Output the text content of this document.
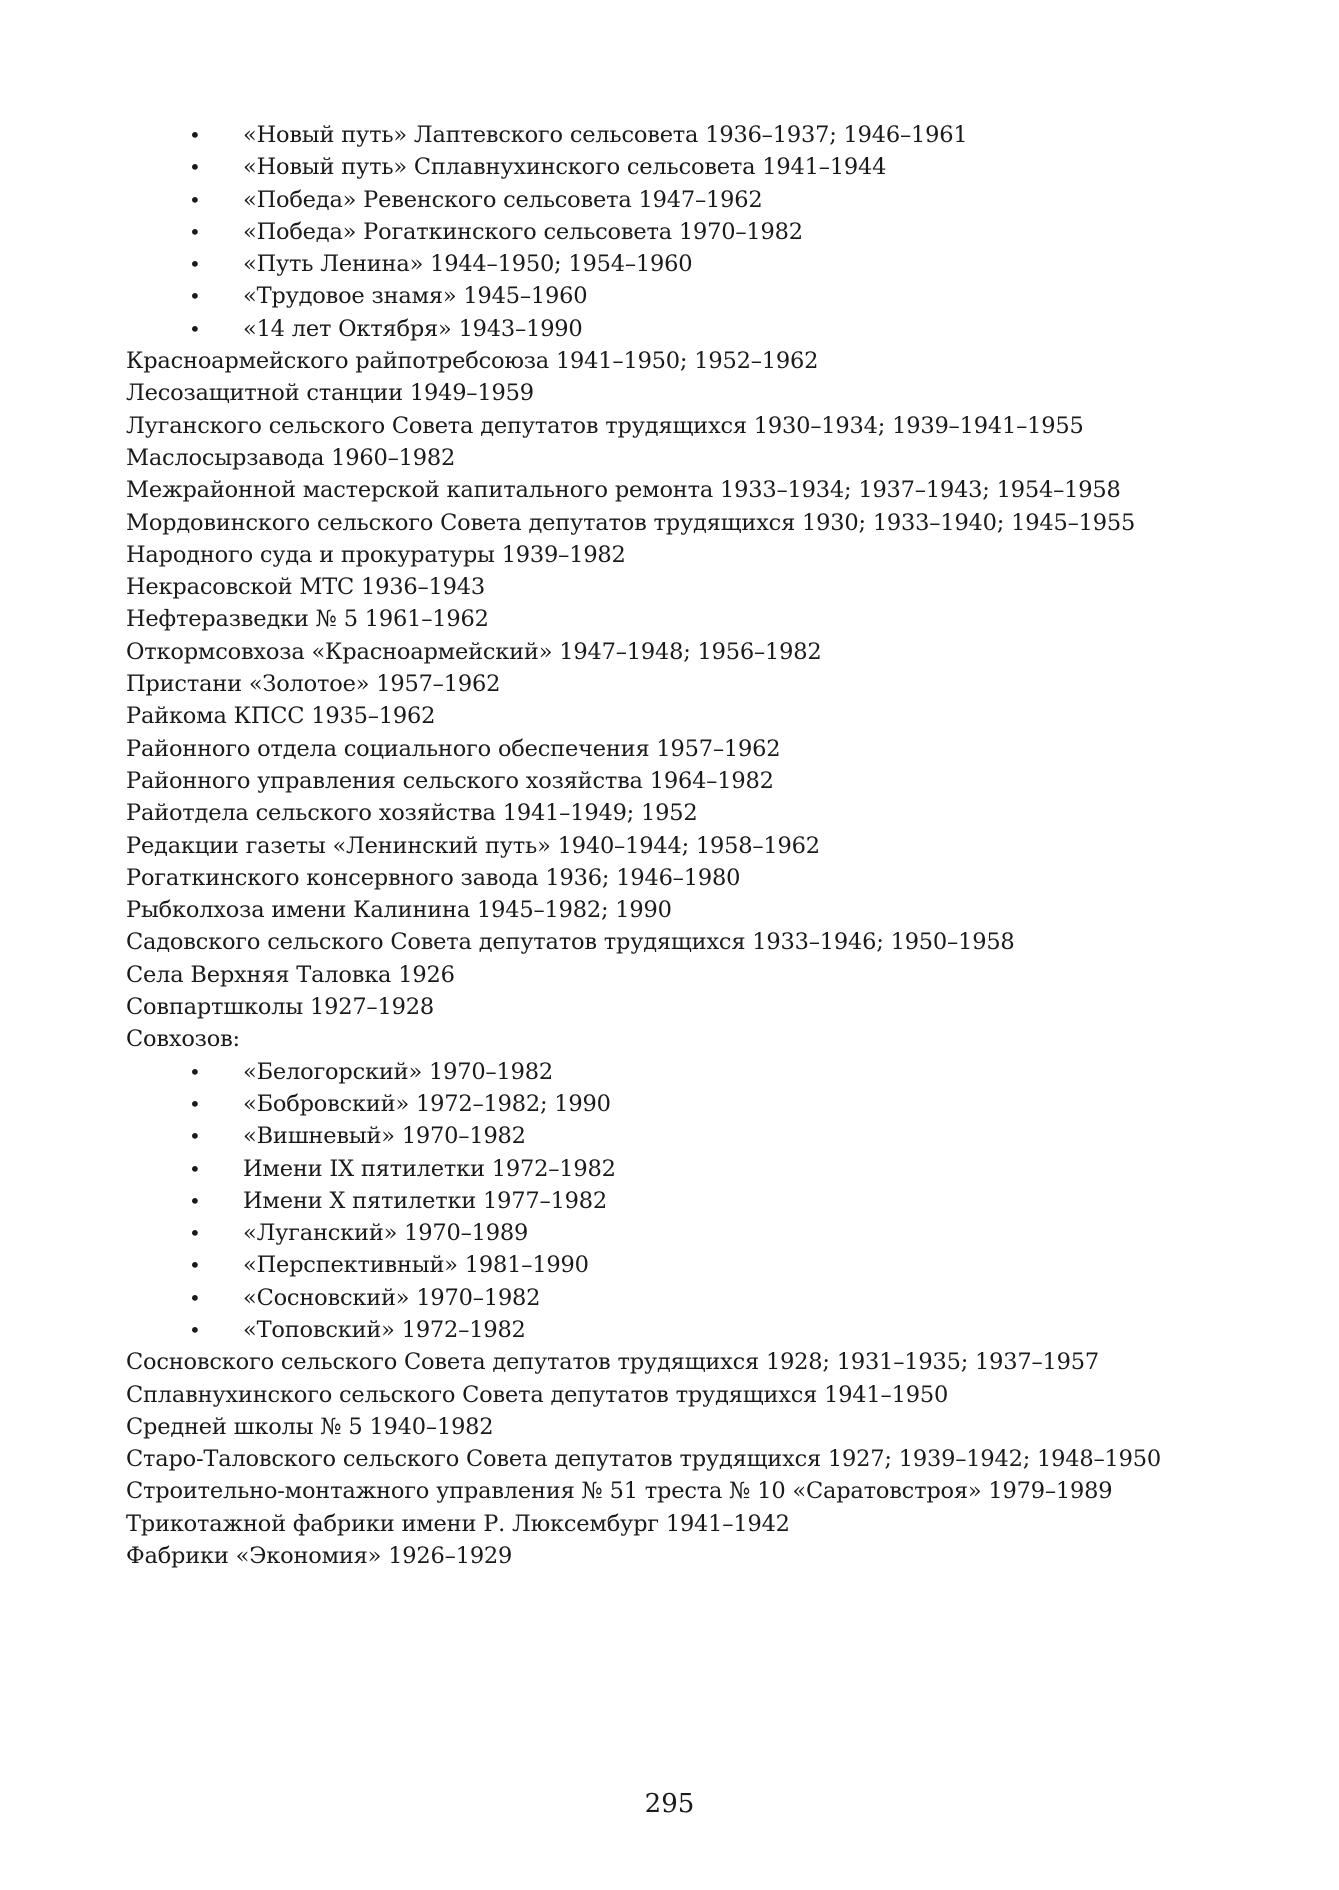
• «Новый путь» Лаптевского сельсовета 1936–1937; 1946–1961
• «Новый путь» Сплавнухинского сельсовета 1941–1944
• «Победа» Ревенского сельсовета 1947–1962
• «Победа» Рогаткинского сельсовета 1970–1982
• «Путь Ленина» 1944–1950; 1954–1960
• «Трудовое знамя» 1945–1960
• «14 лет Октября» 1943–1990
Красноармейского райпотребсоюза 1941–1950; 1952–1962
Лесозащитной станции 1949–1959
Луганского сельского Совета депутатов трудящихся 1930–1934; 1939–1941–1955
Маслосырзавода 1960–1982
Межрайонной мастерской капитального ремонта 1933–1934; 1937–1943; 1954–1958
Мордовинского сельского Совета депутатов трудящихся 1930; 1933–1940; 1945–1955
Народного суда и прокуратуры 1939–1982
Некрасовской МТС 1936–1943
Нефтеразведки № 5 1961–1962
Откормсовхоза «Красноармейский» 1947–1948; 1956–1982
Пристани «Золотое» 1957–1962
Райкома КПСС 1935–1962
Районного отдела социального обеспечения 1957–1962
Районного управления сельского хозяйства 1964–1982
Райотдела сельского хозяйства 1941–1949; 1952
Редакции газеты «Ленинский путь» 1940–1944; 1958–1962
Рогаткинского консервного завода 1936; 1946–1980
Рыбколхоза имени Калинина 1945–1982; 1990
Садовского сельского Совета депутатов трудящихся 1933–1946; 1950–1958
Села Верхняя Таловка 1926
Совпартшколы 1927–1928
Совхозов:
• «Белогорский» 1970–1982
• «Бобровский» 1972–1982; 1990
• «Вишневый» 1970–1982
• Имени IX пятилетки 1972–1982
• Имени X пятилетки 1977–1982
• «Луганский» 1970–1989
• «Перспективный» 1981–1990
• «Сосновский» 1970–1982
• «Топовский» 1972–1982
Сосновского сельского Совета депутатов трудящихся 1928; 1931–1935; 1937–1957
Сплавнухинского сельского Совета депутатов трудящихся 1941–1950
Средней школы № 5 1940–1982
Старо-Таловского сельского Совета депутатов трудящихся 1927; 1939–1942; 1948–1950
Строительно-монтажного управления № 51 треста № 10 «Саратовстроя» 1979–1989
Трикотажной фабрики имени Р. Люксембург 1941–1942
Фабрики «Экономия» 1926–1929
295
